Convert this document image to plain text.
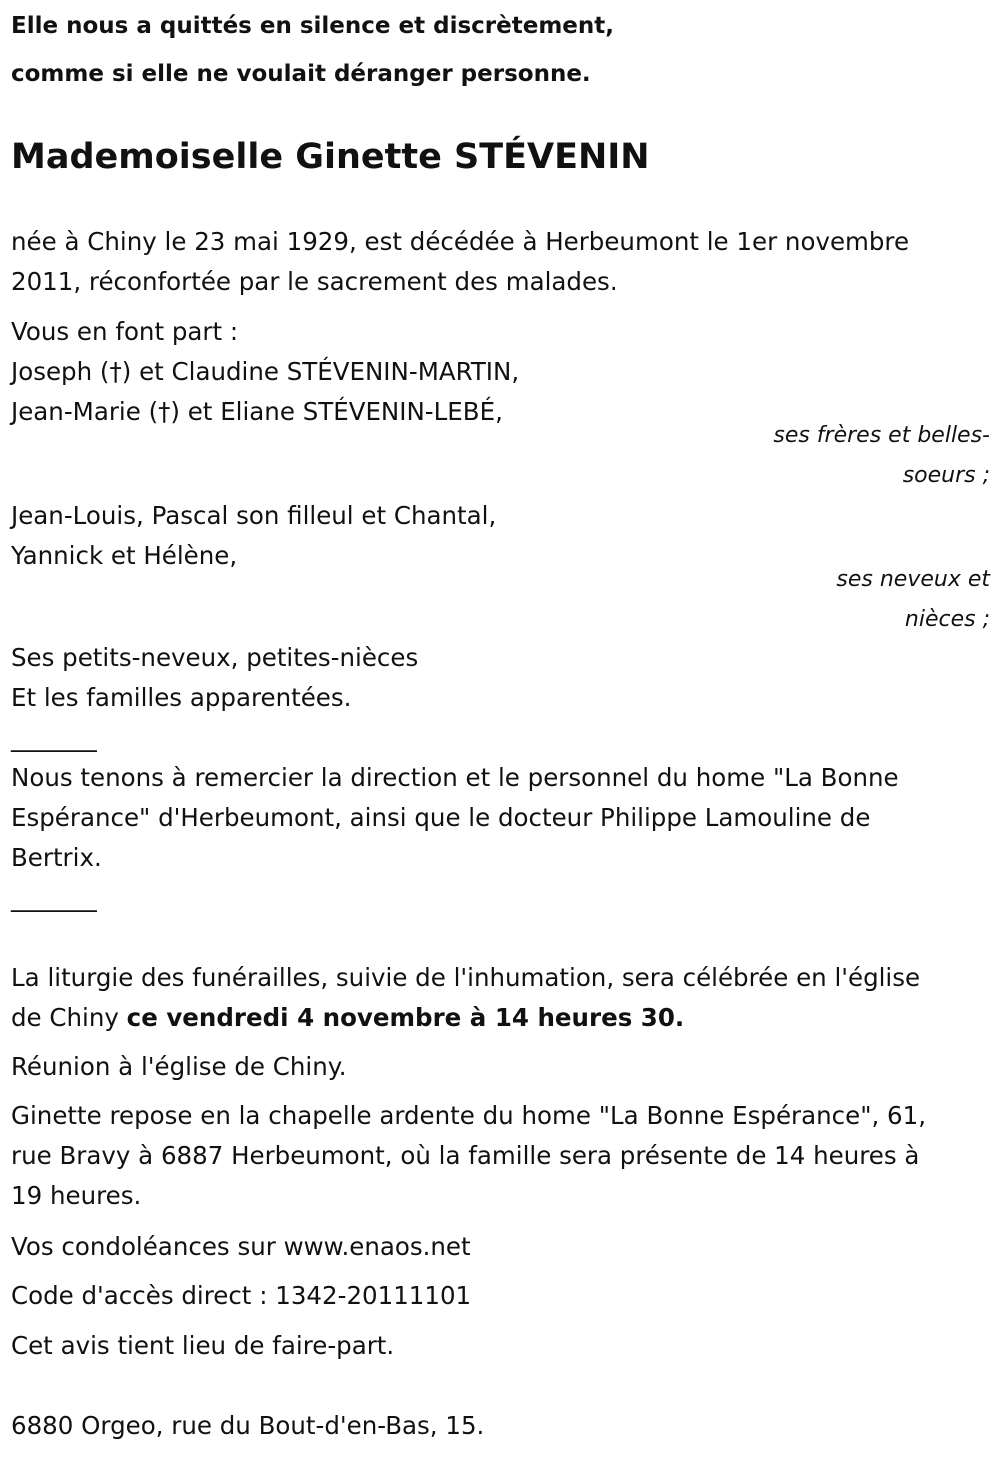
Elle nous a quittés en silence et discrètement,
comme si elle ne voulait déranger personne.
Mademoiselle Ginette STÉVENIN
née à Chiny le 23 mai 1929, est décédée à Herbeumont le 1er novembre
2011, réconfortée par le sacrement des malades.
Vous en font part :
Joseph (†) et Claudine STÉVENIN-MARTIN,
Jean-Marie (†) et Eliane STÉVENIN-LEBÉ,
ses frères et belles-
soeurs ;
Jean-Louis, Pascal son filleul et Chantal,
Yannick et Hélène,
ses neveux et
nièces ;
Ses petits-neveux, petites-nièces
Et les familles apparentées.
_______
Nous tenons à remercier la direction et le personnel du home "La Bonne
Espérance" d'Herbeumont, ainsi que le docteur Philippe Lamouline de
Bertrix.
_______
La liturgie des funérailles, suivie de l'inhumation, sera célébrée en l'église
de Chiny ce vendredi 4 novembre à 14 heures 30.
Réunion à l'église de Chiny.
Ginette repose en la chapelle ardente du home "La Bonne Espérance", 61,
rue Bravy à 6887 Herbeumont, où la famille sera présente de 14 heures à
19 heures.
Vos condoléances sur www.enaos.net
Code d'accès direct : 1342-20111101
Cet avis tient lieu de faire-part.
6880 Orgeo, rue du Bout-d'en-Bas, 15.
